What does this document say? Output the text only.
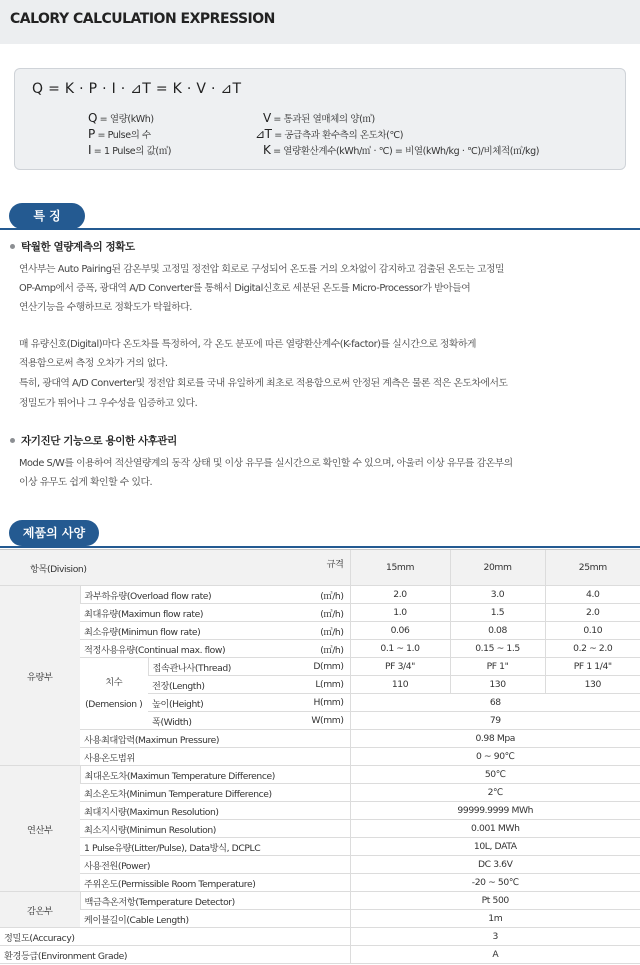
CALORY CALCULATION EXPRESSION
Q = K · P · I · ⊿T = K · V · ⊿T
Q = 열량(kWh)
P = Pulse의 수
I = 1 Pulse의 값(㎥)
V = 통과된 열매체의 양(㎥)
⊿T = 공급측과 환수측의 온도차(℃)
K = 열량환산계수(kWh/㎥ · ℃) = 비열(kWh/kg · ℃)/비체적(㎥/kg)
특 징
탁월한 열량계측의 정확도
연사부는 Auto Pairing된 감온부및 고정밀 정전압 회로로 구성되어 온도를 거의 오차없이 감지하고 검출된 온도는 고정밀
OP-Amp에서 증폭, 광대역 A/D Converter를 통해서 Digital신호로 세분된 온도를 Micro-Processor가 받아들여
연산기능을 수행하므로 정확도가 탁월하다.
매 유량신호(Digital)마다 온도차를 특정하여, 각 온도 분포에 따른 열량환산계수(K-factor)를 실시간으로 정확하게
적용함으로써 측정 오차가 거의 없다.
특히, 광대역 A/D Converter및 정전압 회로를 국내 유일하게 최초로 적용함으로써 안정된 계측은 물론 적은 온도차에서도
정밀도가 뛰어나 그 우수성을 입증하고 있다.
자기진단 기능으로 용이한 사후관리
Mode S/W를 이용하여 적산열량계의 동작 상태 및 이상 유무를 실시간으로 확인할 수 있으며, 아울러 이상 유무를 감온부의
이상 유무도 쉽게 확인할 수 있다.
제품의 사양
항목(Division)			규격	15mm	20mm	25mm
유량부	과부하유량(Overload flow rate)		(㎥/h)	2.0	3.0	4.0
	최대유량(Maximun flow rate)		(㎥/h)	1.0	1.5	2.0
	최소유량(Minimun flow rate)		(㎥/h)	0.06	0.08	0.10
	적정사용유량(Continual max. flow)		(㎥/h)	0.1 ~ 1.0	0.15 ~ 1.5	0.2 ~ 2.0

	치수
(Demension )	접속관나사(Thread)	D(mm)	PF 3/4"	PF 1"	PF 1 1/4"
		전장(Length)	L(mm)	110	130	130
		높이(Height)	H(mm)	68		
		폭(Width)	W(mm)	79		
	사용최대압력(Maximun Pressure)			0.98 Mpa		
	사용온도범위			0 ~ 90℃		
연산부	최대온도차(Maximun Temperature Difference)			50℃		
	최소온도차(Minimun Temperature Difference)			2℃		
	최대지시량(Maximun Resolution)			99999.9999 MWh		
	최소지시량(Minimun Resolution)			0.001 MWh		
	1 Pulse유량(Litter/Pulse), Data방식, DCPLC			10L, DATA		
	사용전원(Power)			DC 3.6V		
	주위온도(Permissible Room Temperature)			-20 ~ 50℃		
감온부	백금측온저항(Temperature Detector)			Pt 500		
	케이블길이(Cable Length)			1m		
정밀도(Accuracy)				3		
환경등급(Environment Grade)				A		
